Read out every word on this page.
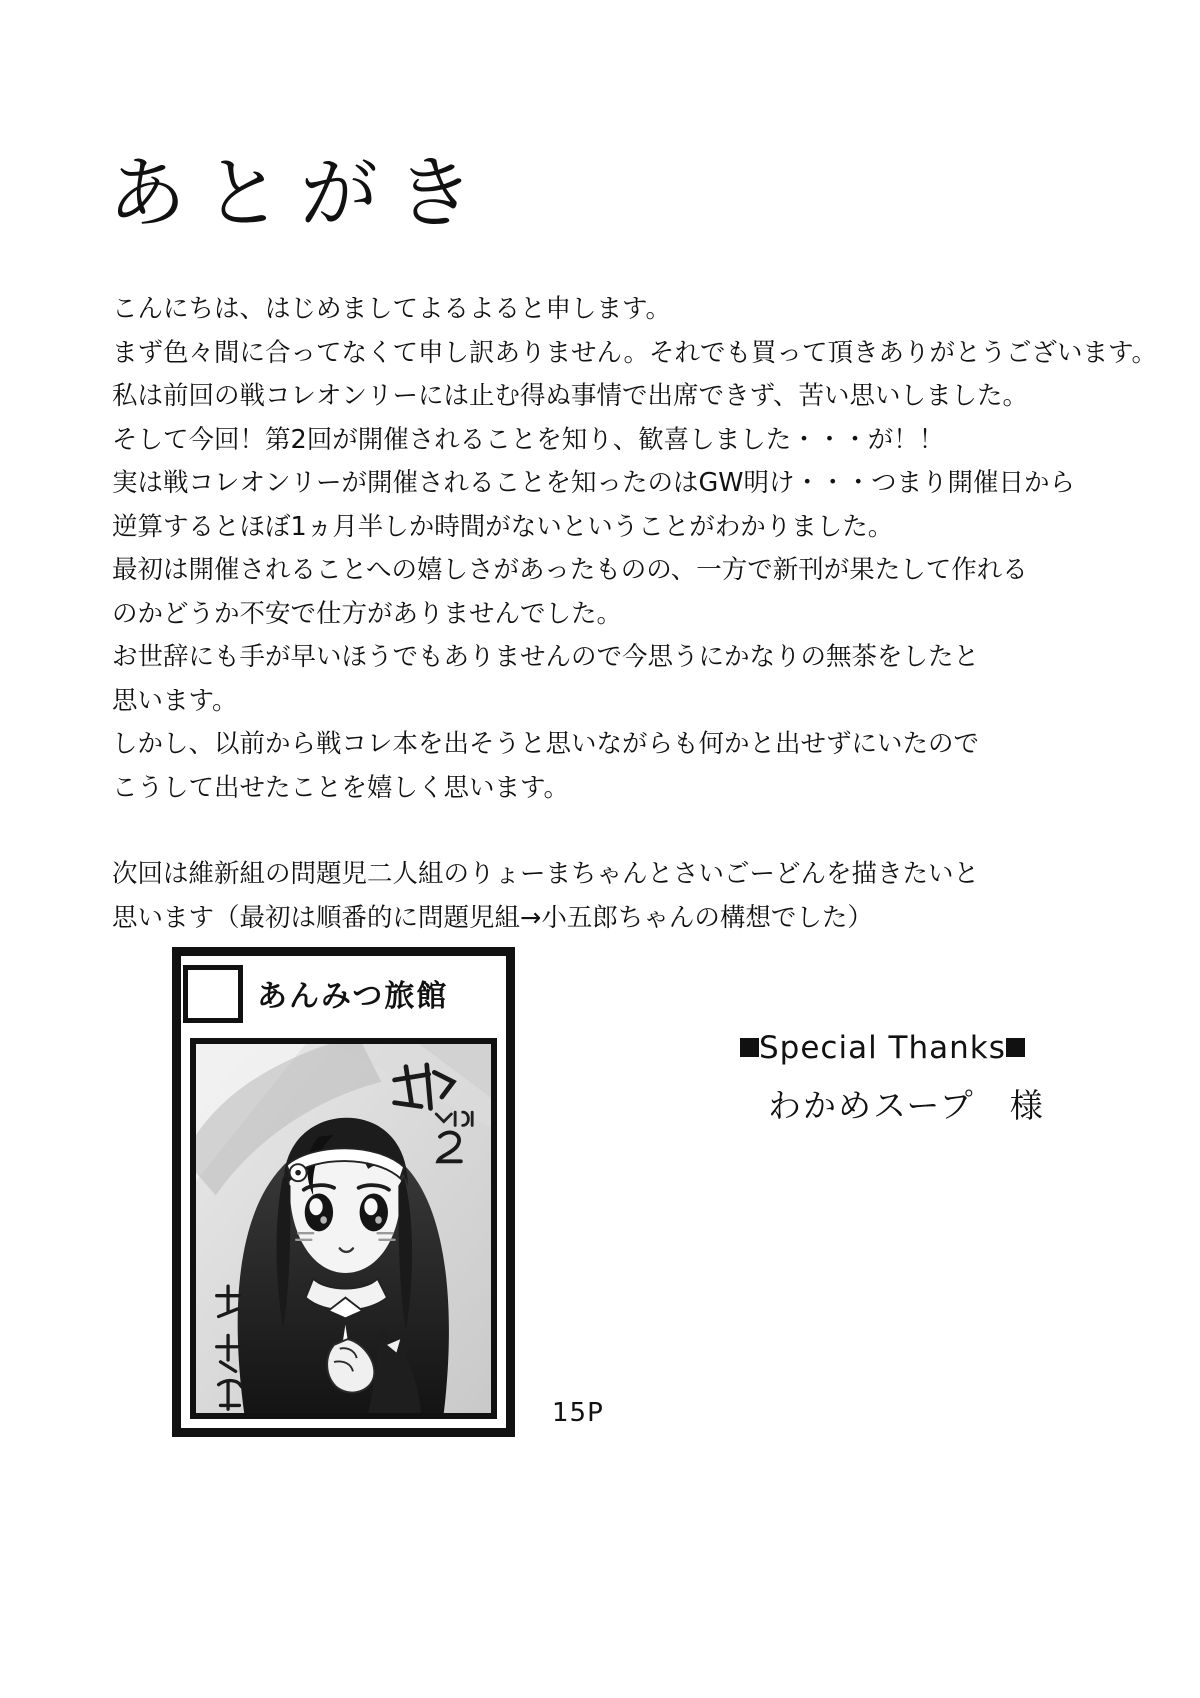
あとがき

こんにちは、はじめましてよるよると申します。

まず色々間に合ってなくて申し訳ありません。それでも買って頂きありがとうございます。

私は前回の戦コレオンリーには止む得ぬ事情で出席できず、苦い思いしました。

そして今回！第2回が開催されることを知り、歓喜しました・・・が！！

実は戦コレオンリーが開催されることを知ったのはGW明け・・・つまり開催日から

逆算するとほぼ1ヵ月半しか時間がないということがわかりました。

最初は開催されることへの嬉しさがあったものの、一方で新刊が果たして作れる

のかどうか不安で仕方がありませんでした。

お世辞にも手が早いほうでもありませんので今思うにかなりの無茶をしたと

思います。

しかし、以前から戦コレ本を出そうと思いながらも何かと出せずにいたので

こうして出せたことを嬉しく思います。

次回は維新組の問題児二人組のりょーまちゃんとさいごーどんを描きたいと

思います（最初は順番的に問題児組→小五郎ちゃんの構想でした）

あんみつ旅館
15P
Special Thanks
わかめスープ　様
